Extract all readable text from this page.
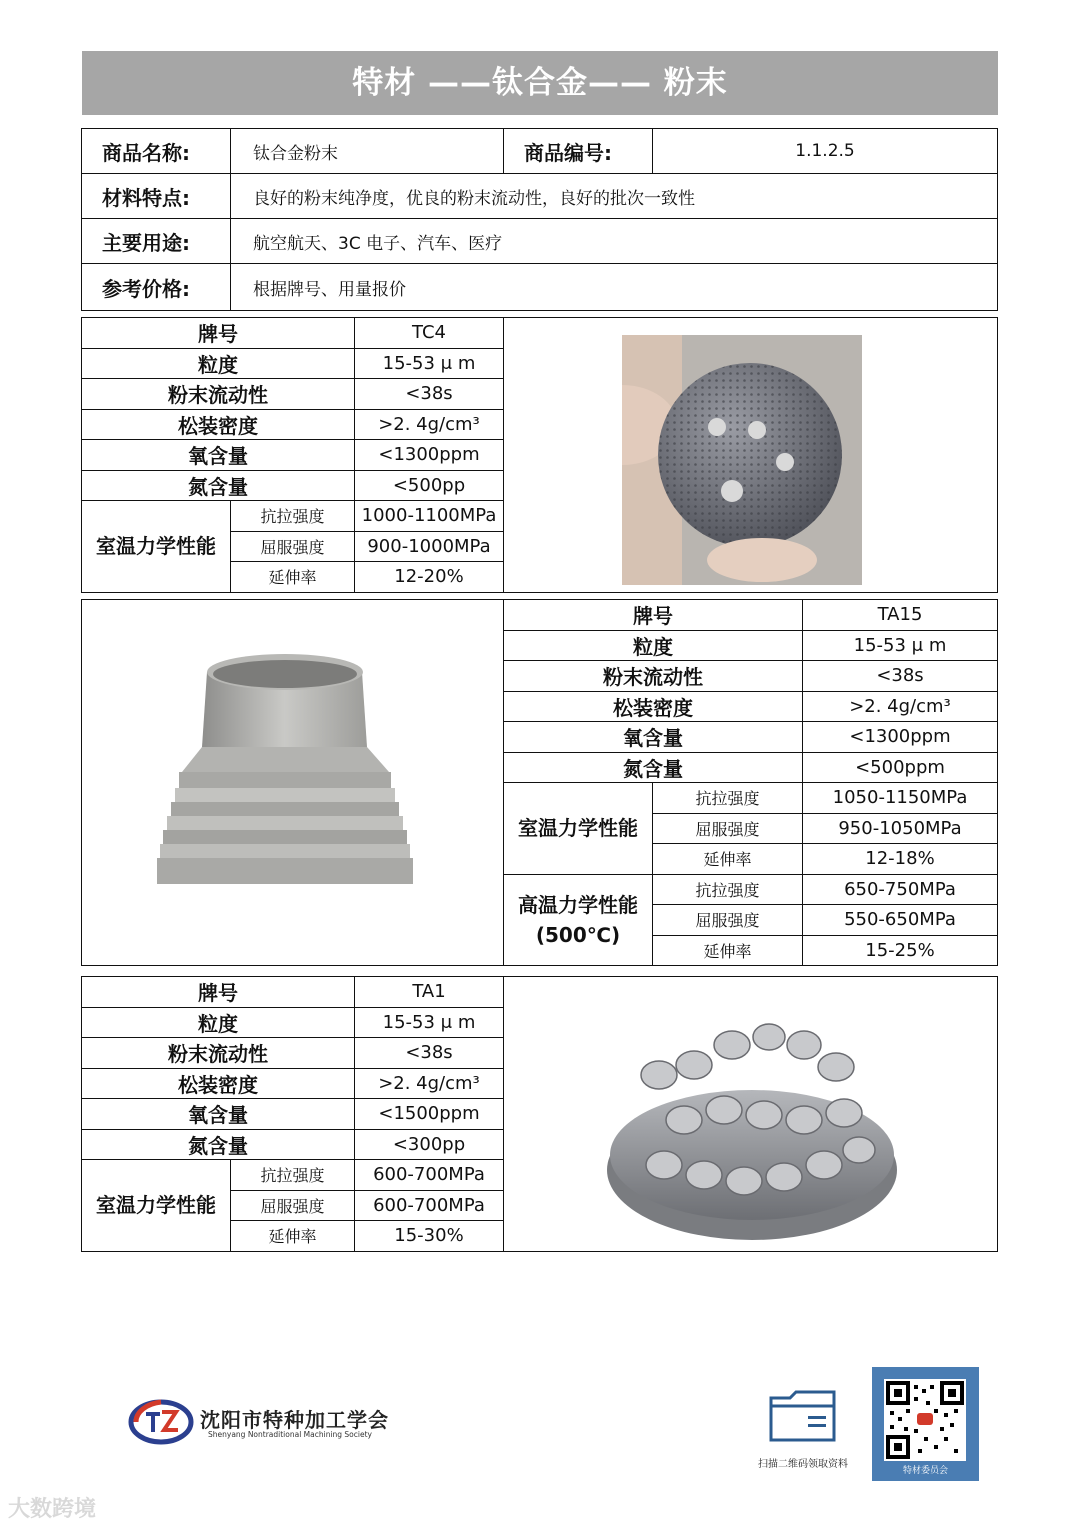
特材 ——钛合金—— 粉末
商品名称:	钛合金粉末	商品编号:	1.1.2.5
材料特点:	良好的粉末纯净度，优良的粉末流动性，良好的批次一致性		
主要用途:	航空航天、3C 电子、汽车、医疗		
参考价格:	根据牌号、用量报价		
牌号		TC4	

粒度		15-53 μ m	
粉末流动性		<38s	
松装密度		>2. 4g/cm³	
氧含量		<1300ppm	
氮含量		<500pp	
室温力学性能	抗拉强度	1000-1100MPa	
	屈服强度	900-1000MPa	
	延伸率	12-20%	
	牌号		TA15
	粒度		15-53 μ m
	粉末流动性		<38s
	松装密度		>2. 4g/cm³
	氧含量		<1300ppm
	氮含量		<500ppm
	室温力学性能	抗拉强度	1050-1150MPa
		屈服强度	950-1050MPa
		延伸率	12-18%

	高温力学性能
(500℃)	抗拉强度	650-750MPa
		屈服强度	550-650MPa
		延伸率	15-25%
牌号		TA1	

粒度		15-53 μ m	
粉末流动性		<38s	
松装密度		>2. 4g/cm³	
氧含量		<1500ppm	
氮含量		<300pp	
室温力学性能	抗拉强度	600-700MPa	
	屈服强度	600-700MPa	
	延伸率	15-30%	
沈阳市特种加工学会
Shenyang Nontraditional Machining Society
扫描二维码领取资料
特材委员会
大数跨境
